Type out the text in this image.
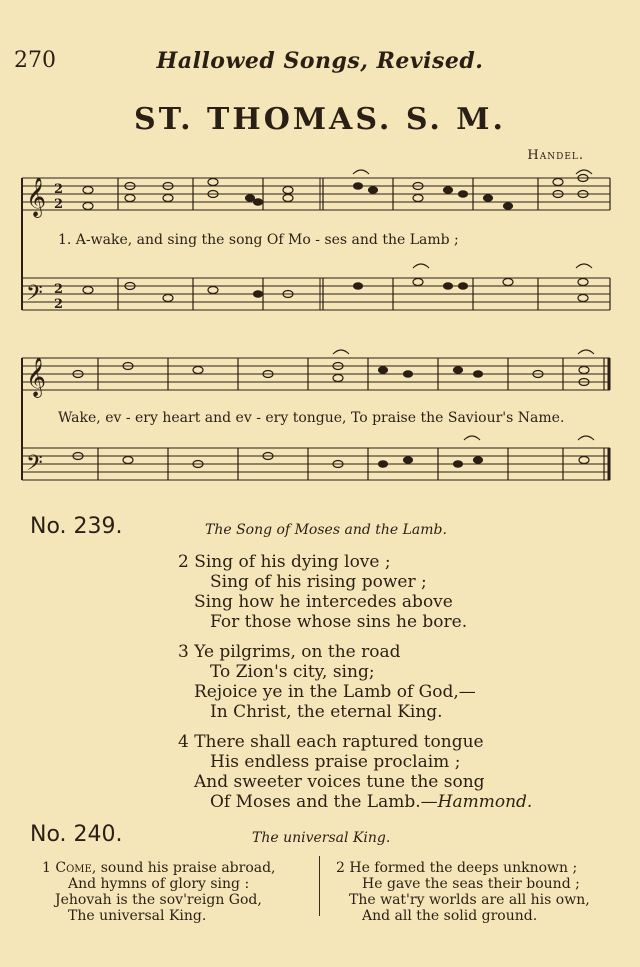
270	Hallowed Songs, Revised.
ST. THOMAS. S. M.
Handel.
𝄞
𝄢
𝄞
𝄢
2
2
2
2
1. A-wake, and sing the song Of Mo - ses and the Lamb ;
Wake, ev - ery heart and ev - ery tongue, To praise the Saviour's Name.
No. 239.	The Song of Moses and the Lamb.
2 Sing of his dying love ;
Sing of his rising power ;
Sing how he intercedes above
For those whose sins he bore.
3 Ye pilgrims, on the road
To Zion's city, sing;
Rejoice ye in the Lamb of God,—
In Christ, the eternal King.
4 There shall each raptured tongue
His endless praise proclaim ;
And sweeter voices tune the song
Of Moses and the Lamb.—Hammond.
No. 240.	The universal King.
1 Come, sound his praise abroad,
And hymns of glory sing :
Jehovah is the sov'reign God,
The universal King.
2 He formed the deeps unknown ;
He gave the seas their bound ;
The wat'ry worlds are all his own,
And all the solid ground.
